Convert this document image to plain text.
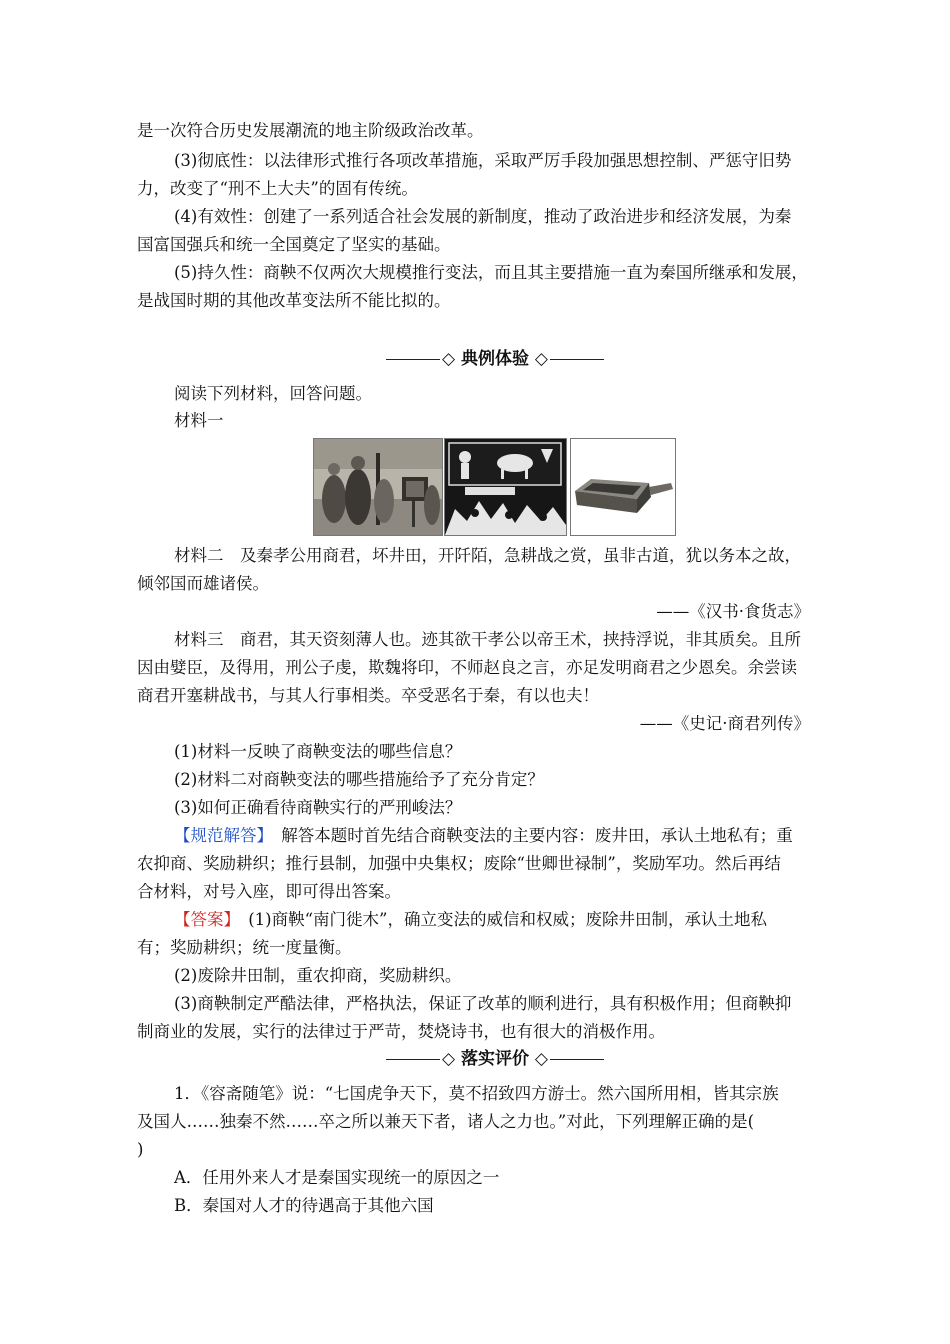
是一次符合历史发展潮流的地主阶级政治改革。
(3)彻底性：以法律形式推行各项改革措施，采取严厉手段加强思想控制、严惩守旧势
力，改变了“刑不上大夫”的固有传统。
(4)有效性：创建了一系列适合社会发展的新制度，推动了政治进步和经济发展，为秦
国富国强兵和统一全国奠定了坚实的基础。
(5)持久性：商鞅不仅两次大规模推行变法，而且其主要措施一直为秦国所继承和发展，
是战国时期的其他改革变法所不能比拟的。
◇ 典例体验 ◇
阅读下列材料，回答问题。
材料一
材料二　及秦孝公用商君，坏井田，开阡陌，急耕战之赏，虽非古道，犹以务本之故，
倾邻国而雄诸侯。
——《汉书·食货志》
材料三　商君，其天资刻薄人也。迹其欲干孝公以帝王术，挟持浮说，非其质矣。且所
因由嬖臣，及得用，刑公子虔，欺魏将印，不师赵良之言，亦足发明商君之少恩矣。余尝读
商君开塞耕战书，与其人行事相类。卒受恶名于秦，有以也夫！
——《史记·商君列传》
(1)材料一反映了商鞅变法的哪些信息？
(2)材料二对商鞅变法的哪些措施给予了充分肯定？
(3)如何正确看待商鞅实行的严刑峻法？
【规范解答】　解答本题时首先结合商鞅变法的主要内容：废井田，承认土地私有；重
农抑商、奖励耕织；推行县制，加强中央集权；废除“世卿世禄制”，奖励军功。然后再结
合材料，对号入座，即可得出答案。
【答案】　(1)商鞅“南门徙木”，确立变法的威信和权威；废除井田制，承认土地私
有；奖励耕织；统一度量衡。
(2)废除井田制，重农抑商，奖励耕织。
(3)商鞅制定严酷法律，严格执法，保证了改革的顺利进行，具有积极作用；但商鞅抑
制商业的发展，实行的法律过于严苛，焚烧诗书，也有很大的消极作用。
◇ 落实评价 ◇
1．《容斋随笔》说：“七国虎争天下，莫不招致四方游士。然六国所用相，皆其宗族
及国人……独秦不然……卒之所以兼天下者，诸人之力也。”对此，下列理解正确的是(
)
A．任用外来人才是秦国实现统一的原因之一
B．秦国对人才的待遇高于其他六国
